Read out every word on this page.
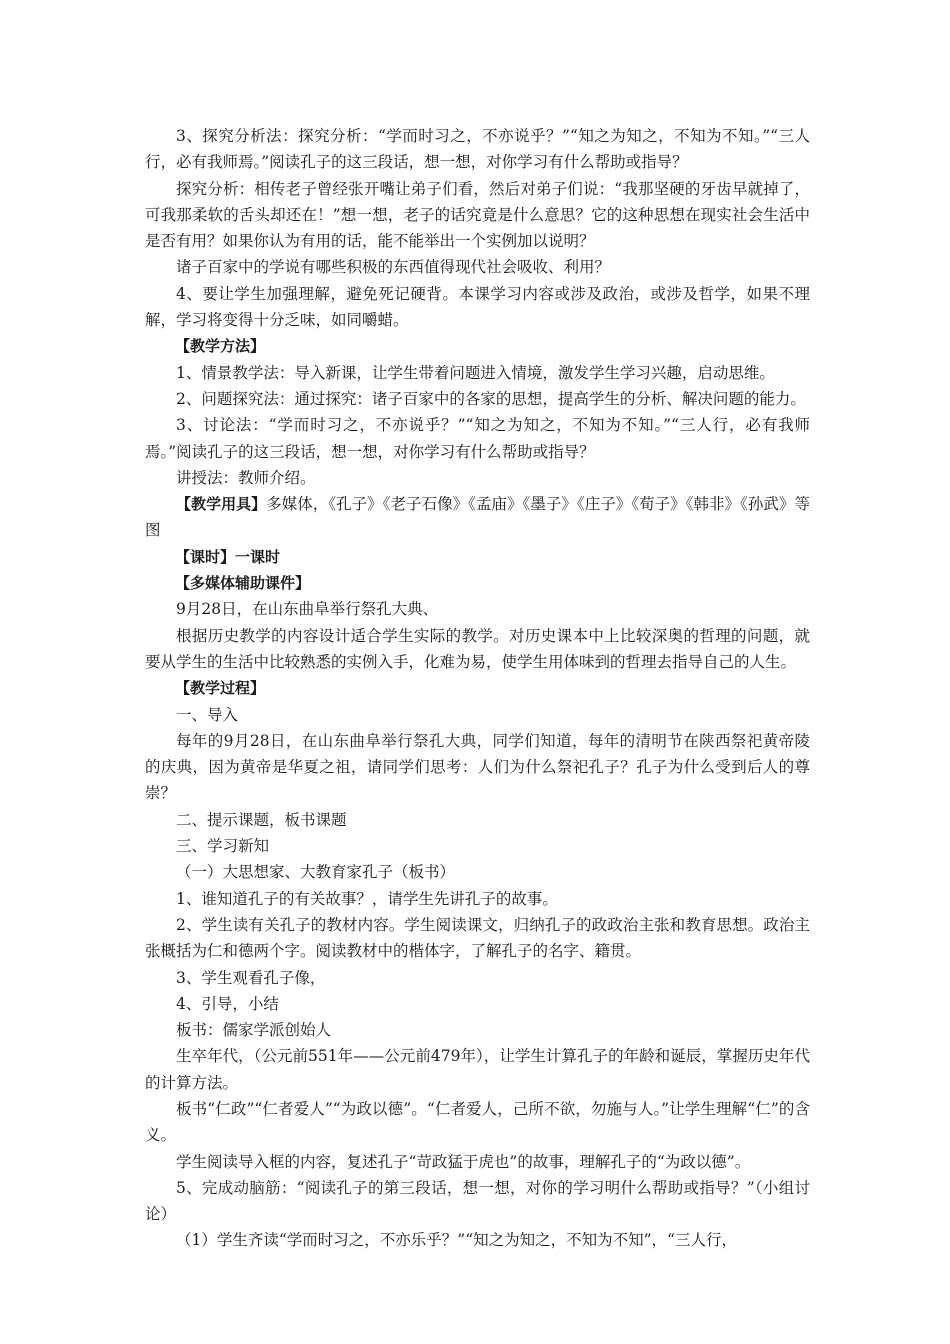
3、探究分析法：探究分析：“学而时习之，不亦说乎？”“知之为知之，不知为不知。”“三人行，必有我师焉。”阅读孔子的这三段话，想一想，对你学习有什么帮助或指导？

探究分析：相传老子曾经张开嘴让弟子们看，然后对弟子们说：“我那坚硬的牙齿早就掉了，可我那柔软的舌头却还在！”想一想，老子的话究竟是什么意思？它的这种思想在现实社会生活中是否有用？如果你认为有用的话，能不能举出一个实例加以说明？

诸子百家中的学说有哪些积极的东西值得现代社会吸收、利用？

4、要让学生加强理解，避免死记硬背。本课学习内容或涉及政治，或涉及哲学，如果不理解，学习将变得十分乏味，如同嚼蜡。

【教学方法】

1、情景教学法：导入新课，让学生带着问题进入情境，激发学生学习兴趣，启动思维。

2、问题探究法：通过探究：诸子百家中的各家的思想，提高学生的分析、解决问题的能力。

3、讨论法：“学而时习之，不亦说乎？”“知之为知之，不知为不知。”“三人行，必有我师焉。”阅读孔子的这三段话，想一想，对你学习有什么帮助或指导？

讲授法：教师介绍。

【教学用具】多媒体，《孔子》《老子石像》《孟庙》《墨子》《庄子》《荀子》《韩非》《孙武》等图

【课时】一课时

【多媒体辅助课件】

9月28日，在山东曲阜举行祭孔大典、

根据历史教学的内容设计适合学生实际的教学。对历史课本中上比较深奥的哲理的问题，就要从学生的生活中比较熟悉的实例入手，化难为易，使学生用体味到的哲理去指导自己的人生。

【教学过程】

一、导入

每年的9月28日，在山东曲阜举行祭孔大典，同学们知道，每年的清明节在陕西祭祀黄帝陵的庆典，因为黄帝是华夏之祖，请同学们思考：人们为什么祭祀孔子？孔子为什么受到后人的尊崇？

二、提示课题，板书课题

三、学习新知

（一）大思想家、大教育家孔子（板书）

1、谁知道孔子的有关故事？，请学生先讲孔子的故事。

2、学生读有关孔子的教材内容。学生阅读课文，归纳孔子的政政治主张和教育思想。政治主张概括为仁和德两个字。阅读教材中的楷体字，了解孔子的名字、籍贯。

3、学生观看孔子像，

4、引导，小结

板书：儒家学派创始人

生卒年代，（公元前551年——公元前479年），让学生计算孔子的年龄和诞辰，掌握历史年代的计算方法。

板书“仁政”“仁者爱人”“为政以德”。“仁者爱人，己所不欲，勿施与人。”让学生理解“仁”的含义。

学生阅读导入框的内容，复述孔子“苛政猛于虎也”的故事，理解孔子的“为政以德”。

5、完成动脑筋：“阅读孔子的第三段话，想一想，对你的学习明什么帮助或指导？”（小组讨论）

（1）学生齐读“学而时习之，不亦乐乎？”“知之为知之，不知为不知”，“三人行，
